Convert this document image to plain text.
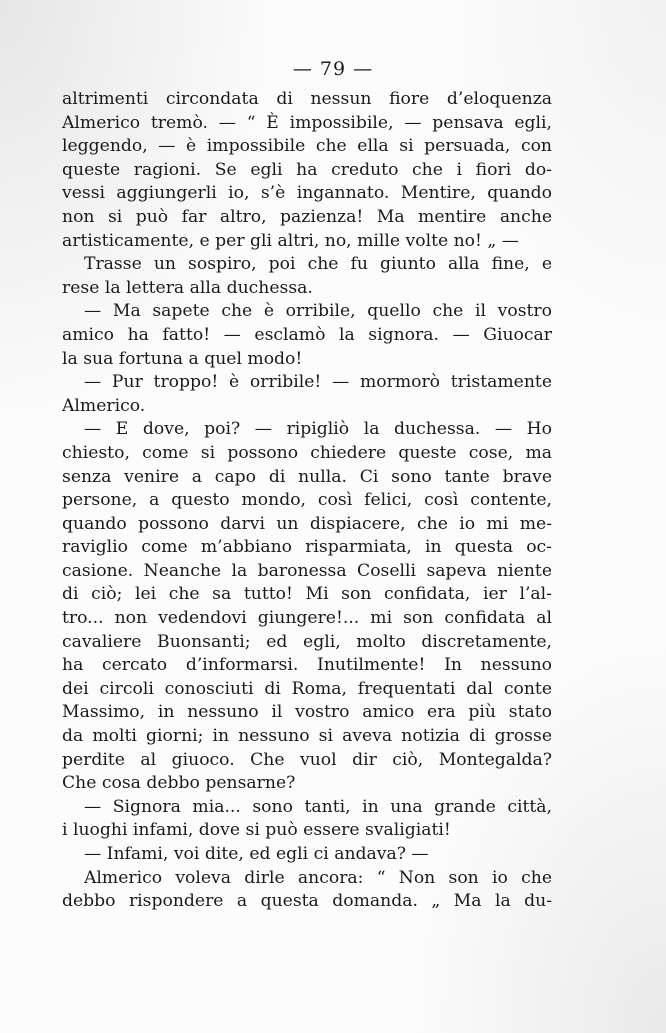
— 79 —
altrimenti circondata di nessun fiore d’eloquenza
Almerico tremò. — “ È impossibile, — pensava egli,
leggendo, — è impossibile che ella si persuada, con
queste ragioni. Se egli ha creduto che i fiori do-
vessi aggiungerli io, s’è ingannato. Mentire, quando
non si può far altro, pazienza! Ma mentire anche
artisticamente, e per gli altri, no, mille volte no! „ —
Trasse un sospiro, poi che fu giunto alla fine, e
rese la lettera alla duchessa.
— Ma sapete che è orribile, quello che il vostro
amico ha fatto! — esclamò la signora. — Giuocar
la sua fortuna a quel modo!
— Pur troppo! è orribile! — mormorò tristamente
Almerico.
— E dove, poi? — ripigliò la duchessa. — Ho
chiesto, come si possono chiedere queste cose, ma
senza venire a capo di nulla. Ci sono tante brave
persone, a questo mondo, così felici, così contente,
quando possono darvi un dispiacere, che io mi me-
raviglio come m’abbiano risparmiata, in questa oc-
casione. Neanche la baronessa Coselli sapeva niente
di ciò; lei che sa tutto! Mi son confidata, ier l’al-
tro... non vedendovi giungere!... mi son confidata al
cavaliere Buonsanti; ed egli, molto discretamente,
ha cercato d’informarsi. Inutilmente! In nessuno
dei circoli conosciuti di Roma, frequentati dal conte
Massimo, in nessuno il vostro amico era più stato
da molti giorni; in nessuno si aveva notizia di grosse
perdite al giuoco. Che vuol dir ciò, Montegalda?
Che cosa debbo pensarne?
— Signora mia... sono tanti, in una grande città,
i luoghi infami, dove si può essere svaligiati!
— Infami, voi dite, ed egli ci andava? —
Almerico voleva dirle ancora: “ Non son io che
debbo rispondere a questa domanda. „ Ma la du-
